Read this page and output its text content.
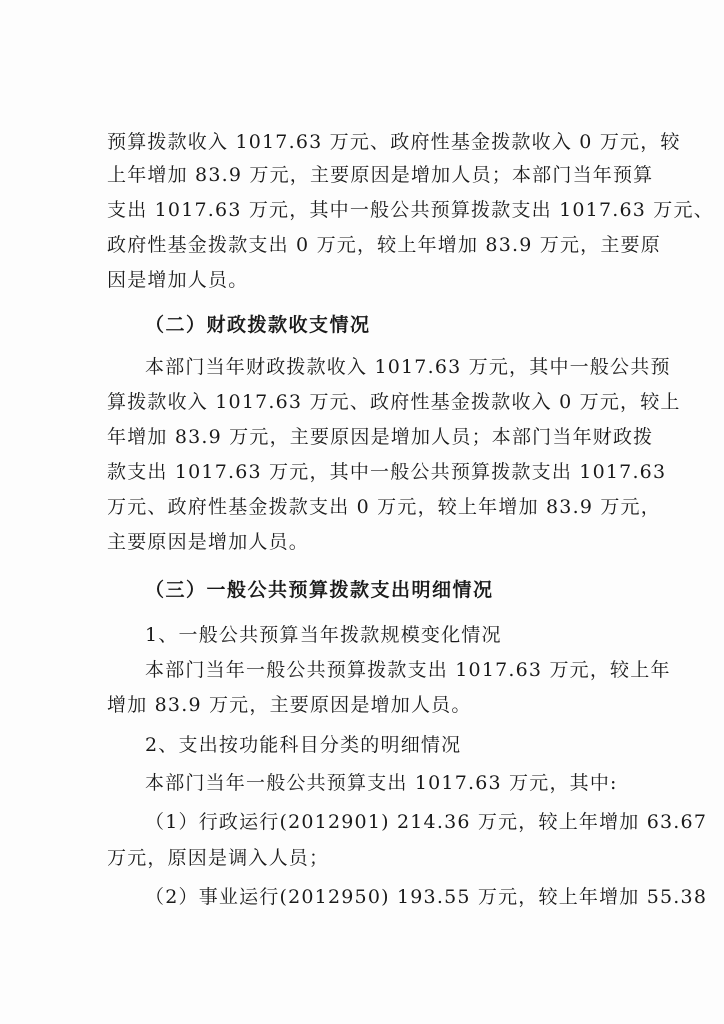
预算拨款收入 1017.63 万元、政府性基金拨款收入 0 万元，较
上年增加 83.9 万元，主要原因是增加人员；本部门当年预算
支出 1017.63 万元，其中一般公共预算拨款支出 1017.63 万元、
政府性基金拨款支出 0 万元，较上年增加 83.9 万元，主要原
因是增加人员。
（二）财政拨款收支情况
本部门当年财政拨款收入 1017.63 万元，其中一般公共预
算拨款收入 1017.63 万元、政府性基金拨款收入 0 万元，较上
年增加 83.9 万元，主要原因是增加人员；本部门当年财政拨
款支出 1017.63 万元，其中一般公共预算拨款支出 1017.63
万元、政府性基金拨款支出 0 万元，较上年增加 83.9 万元，
主要原因是增加人员。
（三）一般公共预算拨款支出明细情况
1、一般公共预算当年拨款规模变化情况
本部门当年一般公共预算拨款支出 1017.63 万元，较上年
增加 83.9 万元，主要原因是增加人员。
2、支出按功能科目分类的明细情况
本部门当年一般公共预算支出 1017.63 万元，其中:
（1）行政运行(2012901) 214.36 万元，较上年增加 63.67
万元，原因是调入人员；
（2）事业运行(2012950) 193.55 万元，较上年增加 55.38
